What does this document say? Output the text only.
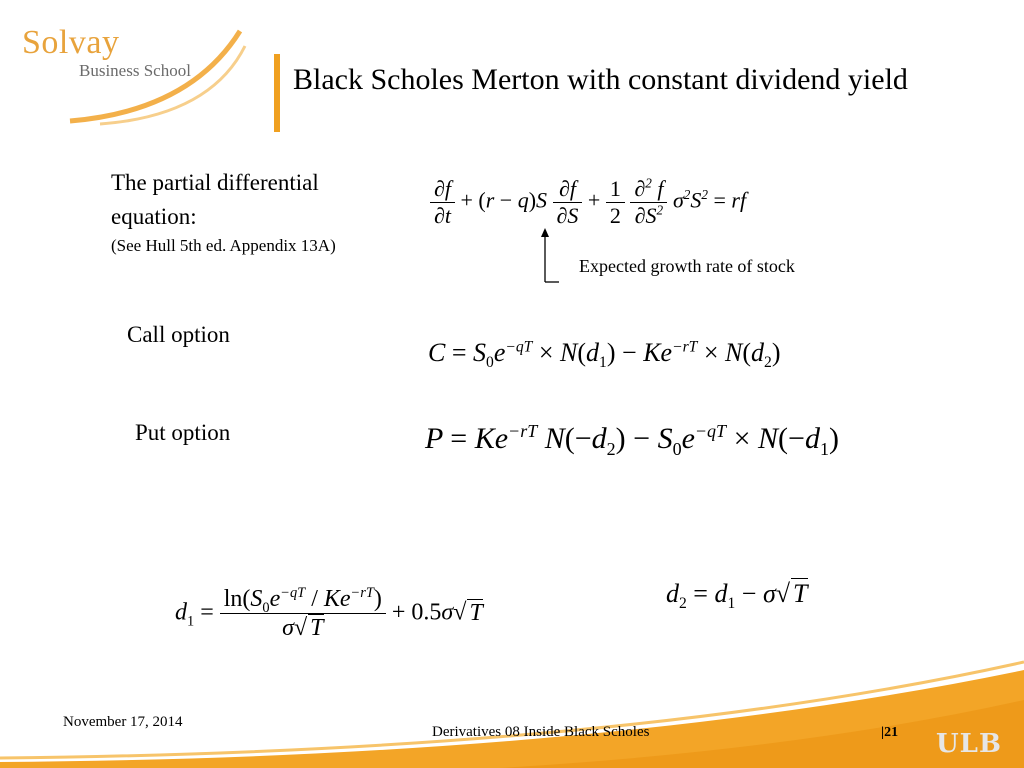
Solvay
Business School	Black Scholes Merton with constant dividend yield
The partial differential
equation:
(See Hull 5th ed. Appendix 13A)
$\frac{\partial f}{\partial t} + (r - q)S \frac{\partial f}{\partial S} + \frac{1}{2}$
$\frac{\partial^2 f}{\partial S^2} \sigma^2S^2$ = rf
Expected growth rate of stock
Call option
$C = S_0e^{-qT} \times N(d_1) - Ke^{-rT} \times N(d_2)$
Put option	$P = Ke^{-rT}$ $N(-d_2) - S_0e^{-qT} \times N(-d_1)$
$d_1 = \frac{\ln(S_0e^{-qT} / Ke^{-rT})}{\sigma√ T} + 0.5\sigma√$ T
$d_2 = d_1 - \sigma√$ T
November 17, 2014
Derivatives 08 Inside Black Scholes	|21 ULB
